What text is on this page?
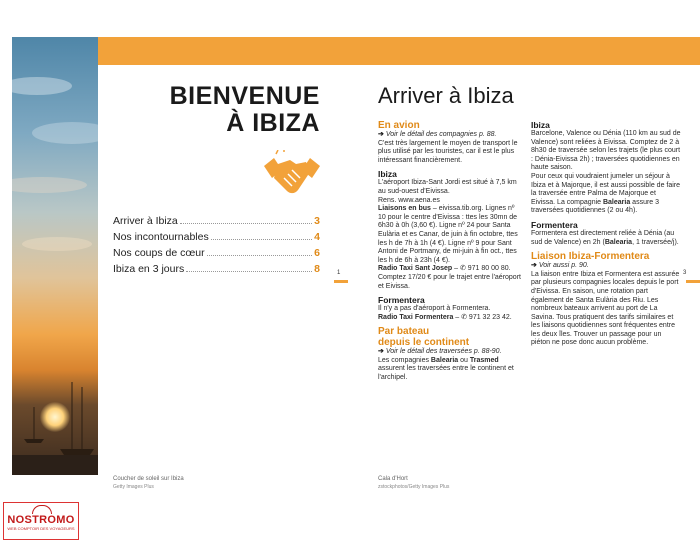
BIENVENUE
À IBIZA
Arriver à Ibiza	3
Nos incontournables	4
Nos coups de cœur	6
Ibiza en 3 jours	8	1
Coucher de soleil sur Ibiza
Getty Images Plus
Arriver à Ibiza

En avion

➔ Voir le détail des compagnies p. 88.

C'est très largement le moyen de transport le plus utilisé par les touristes, car il est le plus intéressant financièrement.

Ibiza

L'aéroport Ibiza-Sant Jordi est situé à 7,5 km au sud-ouest d'Eivissa.

Rens. www.aena.es

Liaisons en bus – eivissa.tib.org. Lignes nº 10 pour le centre d'Eivissa : ttes les 30mn de 6h30 à 0h (3,60 €). Ligne nº 24 pour Santa Eulària et es Canar, de juin à fin octobre, ttes les h de 7h à 1h (4 €). Ligne nº 9 pour Sant Antoni de Portmany, de mi-juin à fin oct., ttes les h de 6h à 23h (4 €).

Radio Taxi Sant Josep – ✆ 971 80 00 80. Comptez 17/20 € pour le trajet entre l'aéroport et Eivissa.

Formentera

Il n'y a pas d'aéroport à Formentera.

Radio Taxi Formentera – ✆ 971 32 23 42.

Par bateau
depuis le continent

➔ Voir le détail des traversées p. 88-90.

Les compagnies Balearia ou Trasmed assurent les traversées entre le continent et l'archipel.

Ibiza

Barcelone, Valence ou Dénia (110 km au sud de Valence) sont reliées à Eivissa. Comptez de 2 à 8h30 de traversée selon les trajets (le plus court : Dénia-Eivissa 2h) ; traversées quotidiennes en haute saison.

Pour ceux qui voudraient jumeler un séjour à Ibiza et à Majorque, il est aussi possible de faire la traversée entre Palma de Majorque et Eivissa. La compagnie Balearia assure 3 traversées quotidiennes (2 ou 4h).

Formentera

Formentera est directement reliée à Dénia (au sud de Valence) en 2h (Balearia, 1 traversée/j).

Liaison Ibiza-Formentera

➔ Voir aussi p. 90.

La liaison entre Ibiza et Formentera est assurée par plusieurs compagnies locales depuis le port d'Eivissa. En saison, une rotation part également de Santa Eulària des Riu. Les nombreux bateaux arrivent au port de La Savina. Tous pratiquent des tarifs similaires et les liaisons quotidiennes sont fréquentes entre les deux îles. Trouver un passage pour un piéton ne pose donc aucun problème.

3
Cala d'Hort
zstockphotos/Getty Images Plus
NOSTROMO
WEB COMPTOIR DES VOYAGEURS
